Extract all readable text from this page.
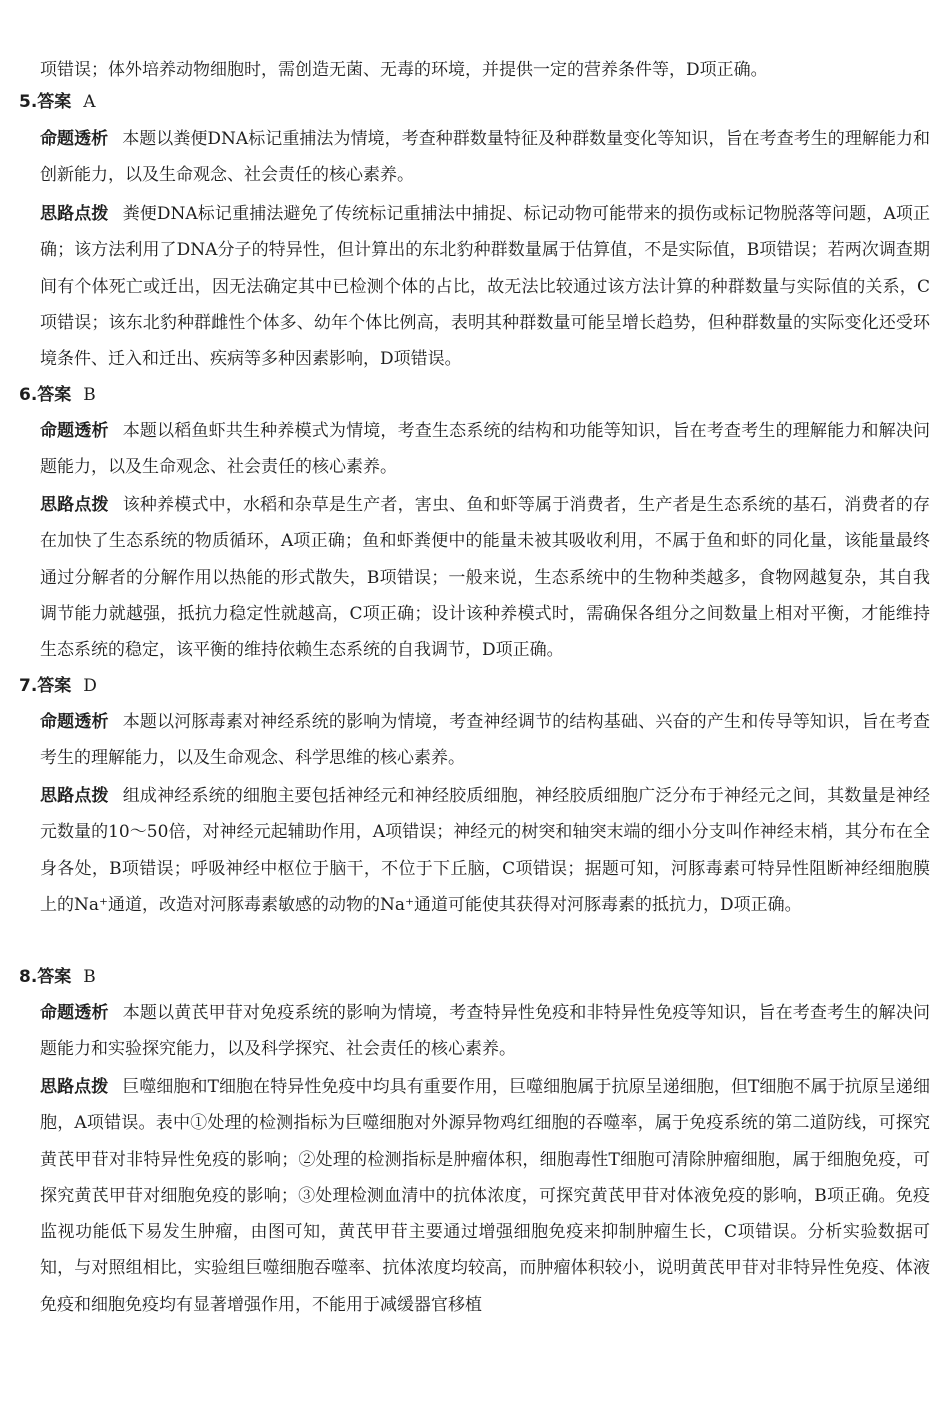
项错误；体外培养动物细胞时，需创造无菌、无毒的环境，并提供一定的营养条件等，D项正确。

5.答案 A

命题透析 本题以粪便DNA标记重捕法为情境，考查种群数量特征及种群数量变化等知识，旨在考查考生的理解能力和创新能力，以及生命观念、社会责任的核心素养。

思路点拨 粪便DNA标记重捕法避免了传统标记重捕法中捕捉、标记动物可能带来的损伤或标记物脱落等问题，A项正确；该方法利用了DNA分子的特异性，但计算出的东北豹种群数量属于估算值，不是实际值，B项错误；若两次调查期间有个体死亡或迁出，因无法确定其中已检测个体的占比，故无法比较通过该方法计算的种群数量与实际值的关系，C项错误；该东北豹种群雌性个体多、幼年个体比例高，表明其种群数量可能呈增长趋势，但种群数量的实际变化还受环境条件、迁入和迁出、疾病等多种因素影响，D项错误。

6.答案 B

命题透析 本题以稻鱼虾共生种养模式为情境，考查生态系统的结构和功能等知识，旨在考查考生的理解能力和解决问题能力，以及生命观念、社会责任的核心素养。

思路点拨 该种养模式中，水稻和杂草是生产者，害虫、鱼和虾等属于消费者，生产者是生态系统的基石，消费者的存在加快了生态系统的物质循环，A项正确；鱼和虾粪便中的能量未被其吸收利用，不属于鱼和虾的同化量，该能量最终通过分解者的分解作用以热能的形式散失，B项错误；一般来说，生态系统中的生物种类越多，食物网越复杂，其自我调节能力就越强，抵抗力稳定性就越高，C项正确；设计该种养模式时，需确保各组分之间数量上相对平衡，才能维持生态系统的稳定，该平衡的维持依赖生态系统的自我调节，D项正确。

7.答案 D

命题透析 本题以河豚毒素对神经系统的影响为情境，考查神经调节的结构基础、兴奋的产生和传导等知识，旨在考查考生的理解能力，以及生命观念、科学思维的核心素养。

思路点拨 组成神经系统的细胞主要包括神经元和神经胶质细胞，神经胶质细胞广泛分布于神经元之间，其数量是神经元数量的10～50倍，对神经元起辅助作用，A项错误；神经元的树突和轴突末端的细小分支叫作神经末梢，其分布在全身各处，B项错误；呼吸神经中枢位于脑干，不位于下丘脑，C项错误；据题可知，河豚毒素可特异性阻断神经细胞膜上的Na⁺通道，改造对河豚毒素敏感的动物的Na⁺通道可能使其获得对河豚毒素的抵抗力，D项正确。

8.答案 B

命题透析 本题以黄芪甲苷对免疫系统的影响为情境，考查特异性免疫和非特异性免疫等知识，旨在考查考生的解决问题能力和实验探究能力，以及科学探究、社会责任的核心素养。

思路点拨 巨噬细胞和T细胞在特异性免疫中均具有重要作用，巨噬细胞属于抗原呈递细胞，但T细胞不属于抗原呈递细胞，A项错误。表中①处理的检测指标为巨噬细胞对外源异物鸡红细胞的吞噬率，属于免疫系统的第二道防线，可探究黄芪甲苷对非特异性免疫的影响；②处理的检测指标是肿瘤体积，细胞毒性T细胞可清除肿瘤细胞，属于细胞免疫，可探究黄芪甲苷对细胞免疫的影响；③处理检测血清中的抗体浓度，可探究黄芪甲苷对体液免疫的影响，B项正确。免疫监视功能低下易发生肿瘤，由图可知，黄芪甲苷主要通过增强细胞免疫来抑制肿瘤生长，C项错误。分析实验数据可知，与对照组相比，实验组巨噬细胞吞噬率、抗体浓度均较高，而肿瘤体积较小，说明黄芪甲苷对非特异性免疫、体液免疫和细胞免疫均有显著增强作用，不能用于减缓器官移植
